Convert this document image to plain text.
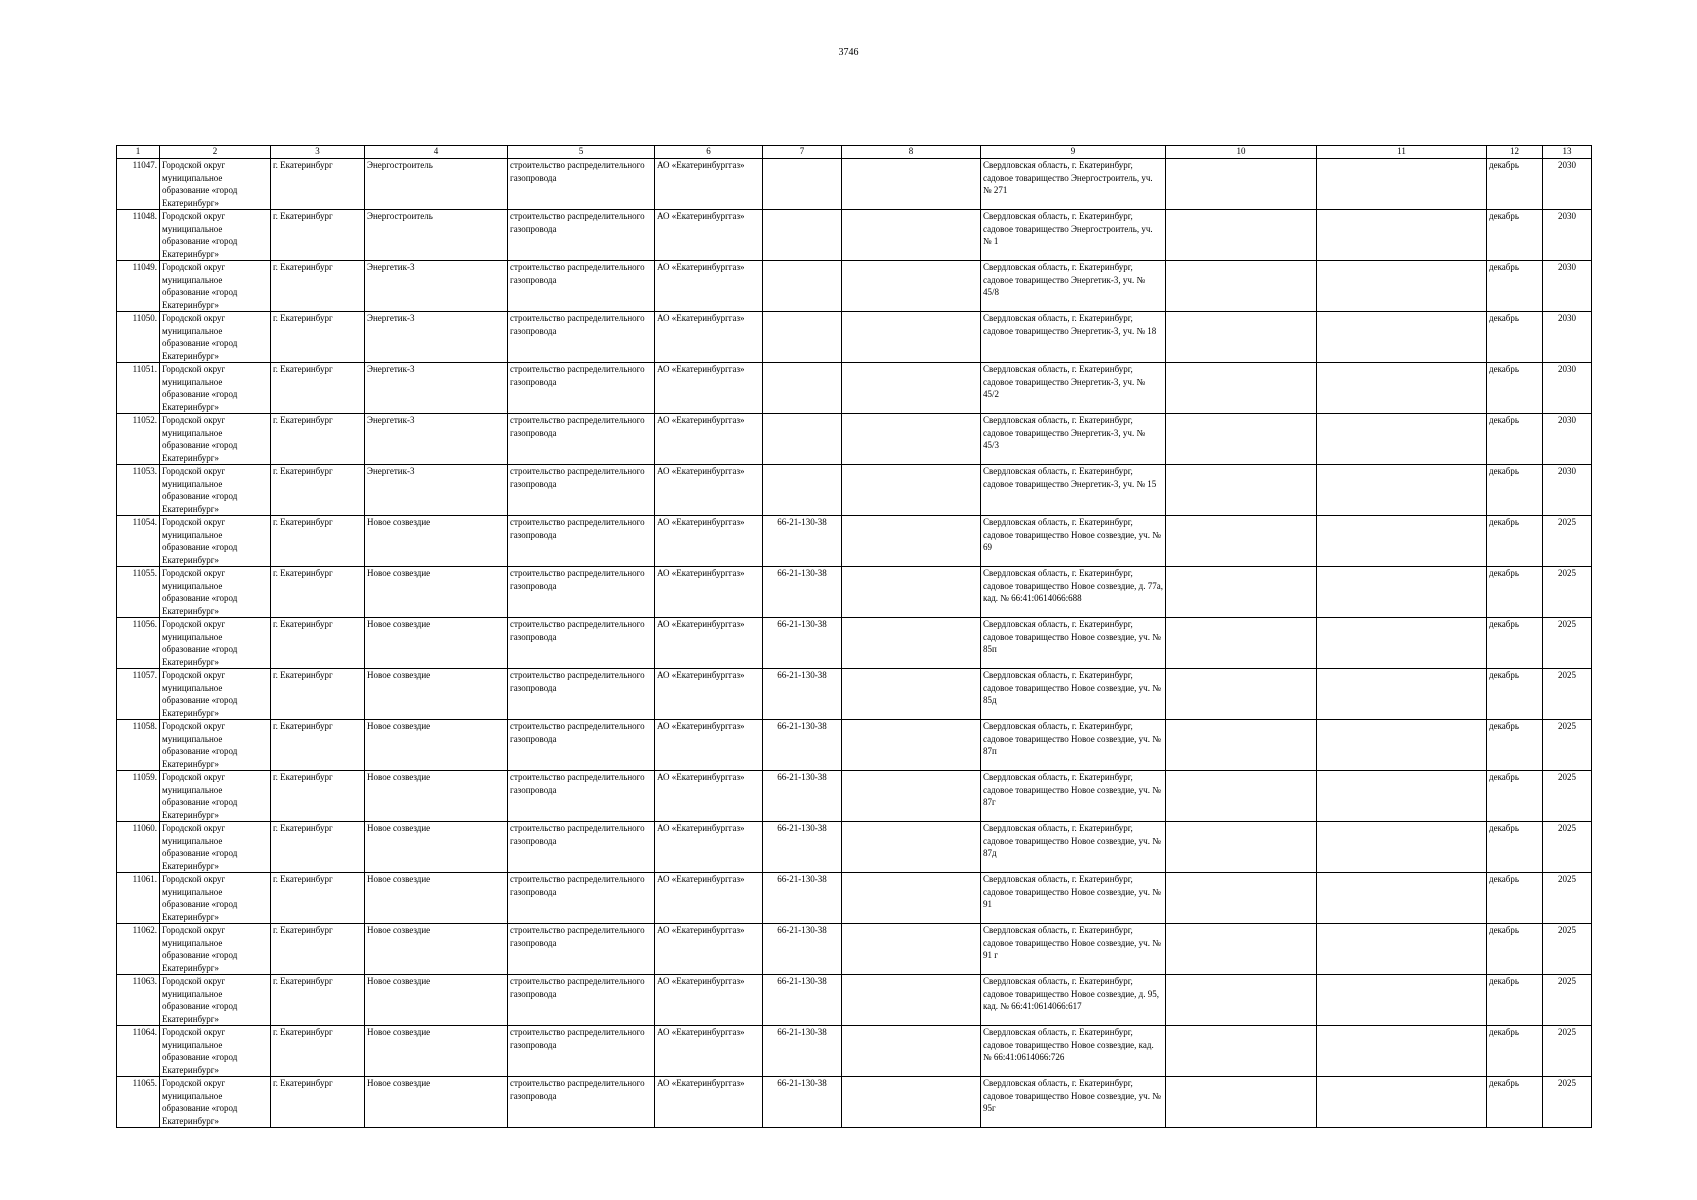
3746
1	2	3	4	5	6	7	8	9	10	11	12	13
11047.	Городской округ муниципальное образование «город Екатеринбург»	г. Екатеринбург	Энергостроитель	строительство распределительного газопровода	АО «Екатеринбурггаз»			Свердловская область, г. Екатеринбург, садовое товарищество Энергостроитель, уч. № 271			декабрь	2030
11048.	Городской округ муниципальное образование «город Екатеринбург»	г. Екатеринбург	Энергостроитель	строительство распределительного газопровода	АО «Екатеринбурггаз»			Свердловская область, г. Екатеринбург, садовое товарищество Энергостроитель, уч. № 1			декабрь	2030
11049.	Городской округ муниципальное образование «город Екатеринбург»	г. Екатеринбург	Энергетик-3	строительство распределительного газопровода	АО «Екатеринбурггаз»			Свердловская область, г. Екатеринбург, садовое товарищество Энергетик-3, уч. № 45/8			декабрь	2030
11050.	Городской округ муниципальное образование «город Екатеринбург»	г. Екатеринбург	Энергетик-3	строительство распределительного газопровода	АО «Екатеринбурггаз»			Свердловская область, г. Екатеринбург, садовое товарищество Энергетик-3, уч. № 18			декабрь	2030
11051.	Городской округ муниципальное образование «город Екатеринбург»	г. Екатеринбург	Энергетик-3	строительство распределительного газопровода	АО «Екатеринбурггаз»			Свердловская область, г. Екатеринбург, садовое товарищество Энергетик-3, уч. № 45/2			декабрь	2030
11052.	Городской округ муниципальное образование «город Екатеринбург»	г. Екатеринбург	Энергетик-3	строительство распределительного газопровода	АО «Екатеринбурггаз»			Свердловская область, г. Екатеринбург, садовое товарищество Энергетик-3, уч. № 45/3			декабрь	2030
11053.	Городской округ муниципальное образование «город Екатеринбург»	г. Екатеринбург	Энергетик-3	строительство распределительного газопровода	АО «Екатеринбурггаз»			Свердловская область, г. Екатеринбург, садовое товарищество Энергетик-3, уч. № 15			декабрь	2030
11054.	Городской округ муниципальное образование «город Екатеринбург»	г. Екатеринбург	Новое созвездие	строительство распределительного газопровода	АО «Екатеринбурггаз»	66-21-130-38		Свердловская область, г. Екатеринбург, садовое товарищество Новое созвездие, уч. № 69			декабрь	2025
11055.	Городской округ муниципальное образование «город Екатеринбург»	г. Екатеринбург	Новое созвездие	строительство распределительного газопровода	АО «Екатеринбурггаз»	66-21-130-38		Свердловская область, г. Екатеринбург, садовое товарищество Новое созвездие, д. 77а, кад. № 66:41:0614066:688			декабрь	2025
11056.	Городской округ муниципальное образование «город Екатеринбург»	г. Екатеринбург	Новое созвездие	строительство распределительного газопровода	АО «Екатеринбурггаз»	66-21-130-38		Свердловская область, г. Екатеринбург, садовое товарищество Новое созвездие, уч. № 85п			декабрь	2025
11057.	Городской округ муниципальное образование «город Екатеринбург»	г. Екатеринбург	Новое созвездие	строительство распределительного газопровода	АО «Екатеринбурггаз»	66-21-130-38		Свердловская область, г. Екатеринбург, садовое товарищество Новое созвездие, уч. № 85д			декабрь	2025
11058.	Городской округ муниципальное образование «город Екатеринбург»	г. Екатеринбург	Новое созвездие	строительство распределительного газопровода	АО «Екатеринбурггаз»	66-21-130-38		Свердловская область, г. Екатеринбург, садовое товарищество Новое созвездие, уч. № 87п			декабрь	2025
11059.	Городской округ муниципальное образование «город Екатеринбург»	г. Екатеринбург	Новое созвездие	строительство распределительного газопровода	АО «Екатеринбурггаз»	66-21-130-38		Свердловская область, г. Екатеринбург, садовое товарищество Новое созвездие, уч. № 87г			декабрь	2025
11060.	Городской округ муниципальное образование «город Екатеринбург»	г. Екатеринбург	Новое созвездие	строительство распределительного газопровода	АО «Екатеринбурггаз»	66-21-130-38		Свердловская область, г. Екатеринбург, садовое товарищество Новое созвездие, уч. № 87д			декабрь	2025
11061.	Городской округ муниципальное образование «город Екатеринбург»	г. Екатеринбург	Новое созвездие	строительство распределительного газопровода	АО «Екатеринбурггаз»	66-21-130-38		Свердловская область, г. Екатеринбург, садовое товарищество Новое созвездие, уч. № 91			декабрь	2025
11062.	Городской округ муниципальное образование «город Екатеринбург»	г. Екатеринбург	Новое созвездие	строительство распределительного газопровода	АО «Екатеринбурггаз»	66-21-130-38		Свердловская область, г. Екатеринбург, садовое товарищество Новое созвездие, уч. № 91 г			декабрь	2025
11063.	Городской округ муниципальное образование «город Екатеринбург»	г. Екатеринбург	Новое созвездие	строительство распределительного газопровода	АО «Екатеринбурггаз»	66-21-130-38		Свердловская область, г. Екатеринбург, садовое товарищество Новое созвездие, д. 95, кад. № 66:41:0614066:617			декабрь	2025
11064.	Городской округ муниципальное образование «город Екатеринбург»	г. Екатеринбург	Новое созвездие	строительство распределительного газопровода	АО «Екатеринбурггаз»	66-21-130-38		Свердловская область, г. Екатеринбург, садовое товарищество Новое созвездие, кад. № 66:41:0614066:726			декабрь	2025
11065.	Городской округ муниципальное образование «город Екатеринбург»	г. Екатеринбург	Новое созвездие	строительство распределительного газопровода	АО «Екатеринбурггаз»	66-21-130-38		Свердловская область, г. Екатеринбург, садовое товарищество Новое созвездие, уч. № 95г			декабрь	2025
